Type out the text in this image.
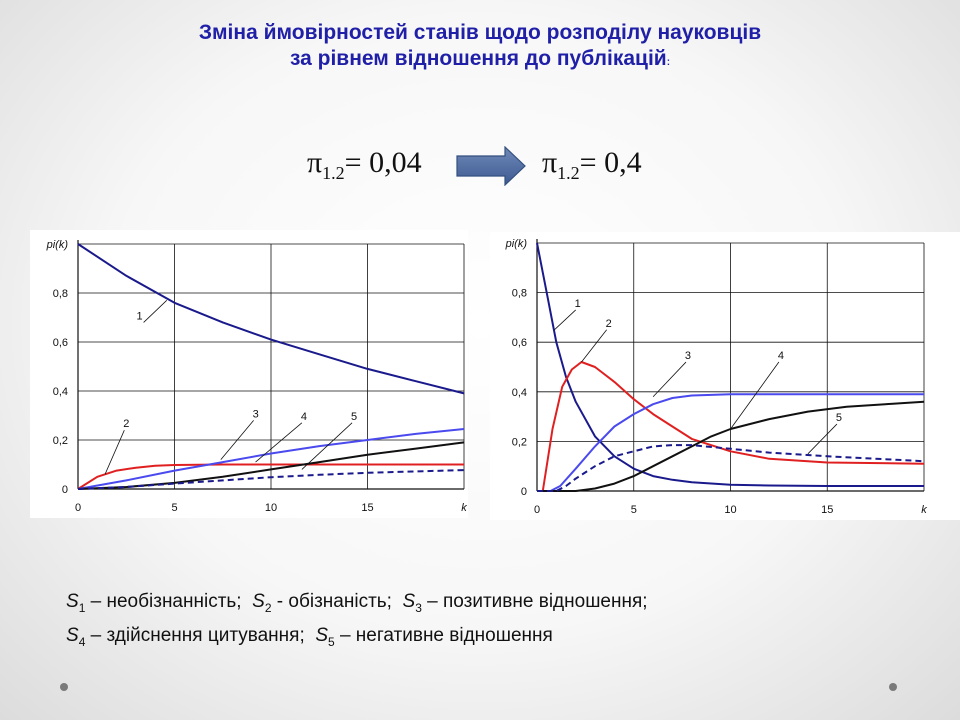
Зміна ймовірностей станів щодо розподілу науковців
за рівнем відношення до публікацій:
$\pi_{1.2}= 0,04$	$\pi_{1.2}= 0,4$
0
0,2
0,4
0,6
0,8
pi(k)
0	5	10	15	k
1
2
3	4	5
0
0,2
0,4
0,6
0,8
pi(k)
0	5	10	15	k
1
2
3	4
5
$S_1$ – необізнанність; $S_2$ - обізнаність; $S_3$ – позитивне відношення;
$S_4$ – здійснення цитування; $S_5$ – негативне відношення
